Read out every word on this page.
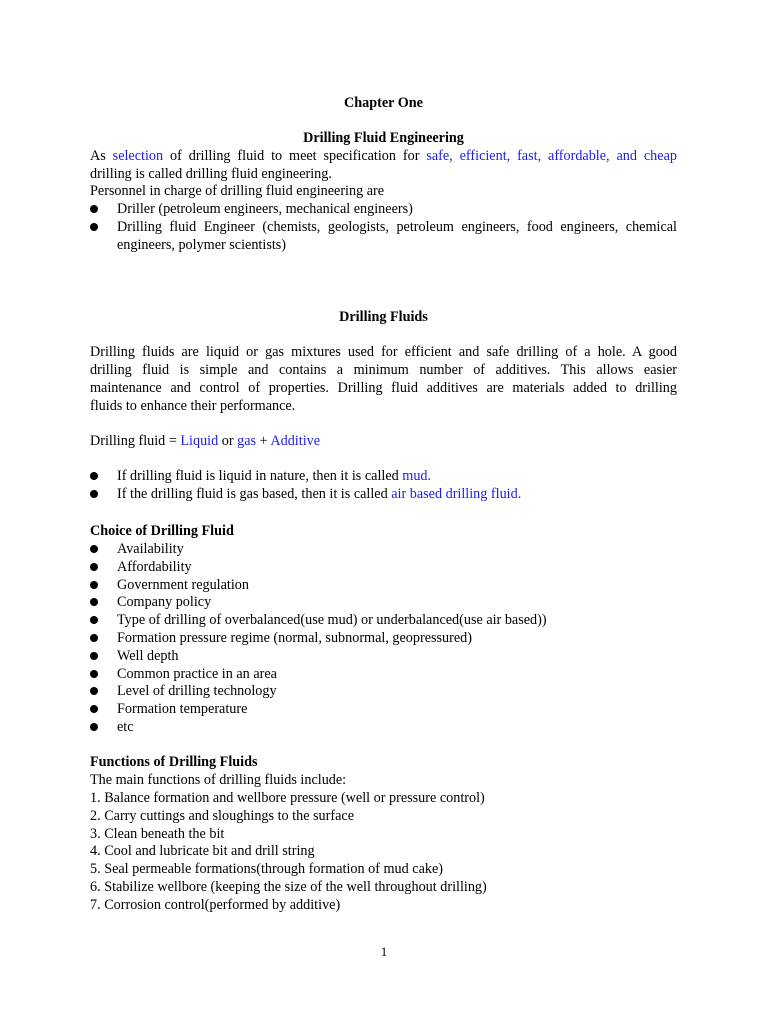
Chapter One
Drilling Fluid Engineering
As selection of drilling fluid to meet specification for safe, efficient, fast, affordable, and cheap
drilling is called drilling fluid engineering.
Personnel in charge of drilling fluid engineering are
Driller (petroleum engineers, mechanical engineers)
Drilling fluid Engineer (chemists, geologists, petroleum engineers, food engineers, chemical
engineers, polymer scientists)
Drilling Fluids
Drilling fluids are liquid or gas mixtures used for efficient and safe drilling of a hole. A good
drilling fluid is simple and contains a minimum number of additives. This allows easier
maintenance and control of properties. Drilling fluid additives are materials added to drilling
fluids to enhance their performance.
Drilling fluid = Liquid or gas + Additive
If drilling fluid is liquid in nature, then it is called mud.
If the drilling fluid is gas based, then it is called air based drilling fluid.
Choice of Drilling Fluid
Availability
Affordability
Government regulation
Company policy
Type of drilling of overbalanced(use mud) or underbalanced(use air based))
Formation pressure regime (normal, subnormal, geopressured)
Well depth
Common practice in an area
Level of drilling technology
Formation temperature
etc
Functions of Drilling Fluids
The main functions of drilling fluids include:
1. Balance formation and wellbore pressure (well or pressure control)
2. Carry cuttings and sloughings to the surface
3. Clean beneath the bit
4. Cool and lubricate bit and drill string
5. Seal permeable formations(through formation of mud cake)
6. Stabilize wellbore (keeping the size of the well throughout drilling)
7. Corrosion control(performed by additive)
1
